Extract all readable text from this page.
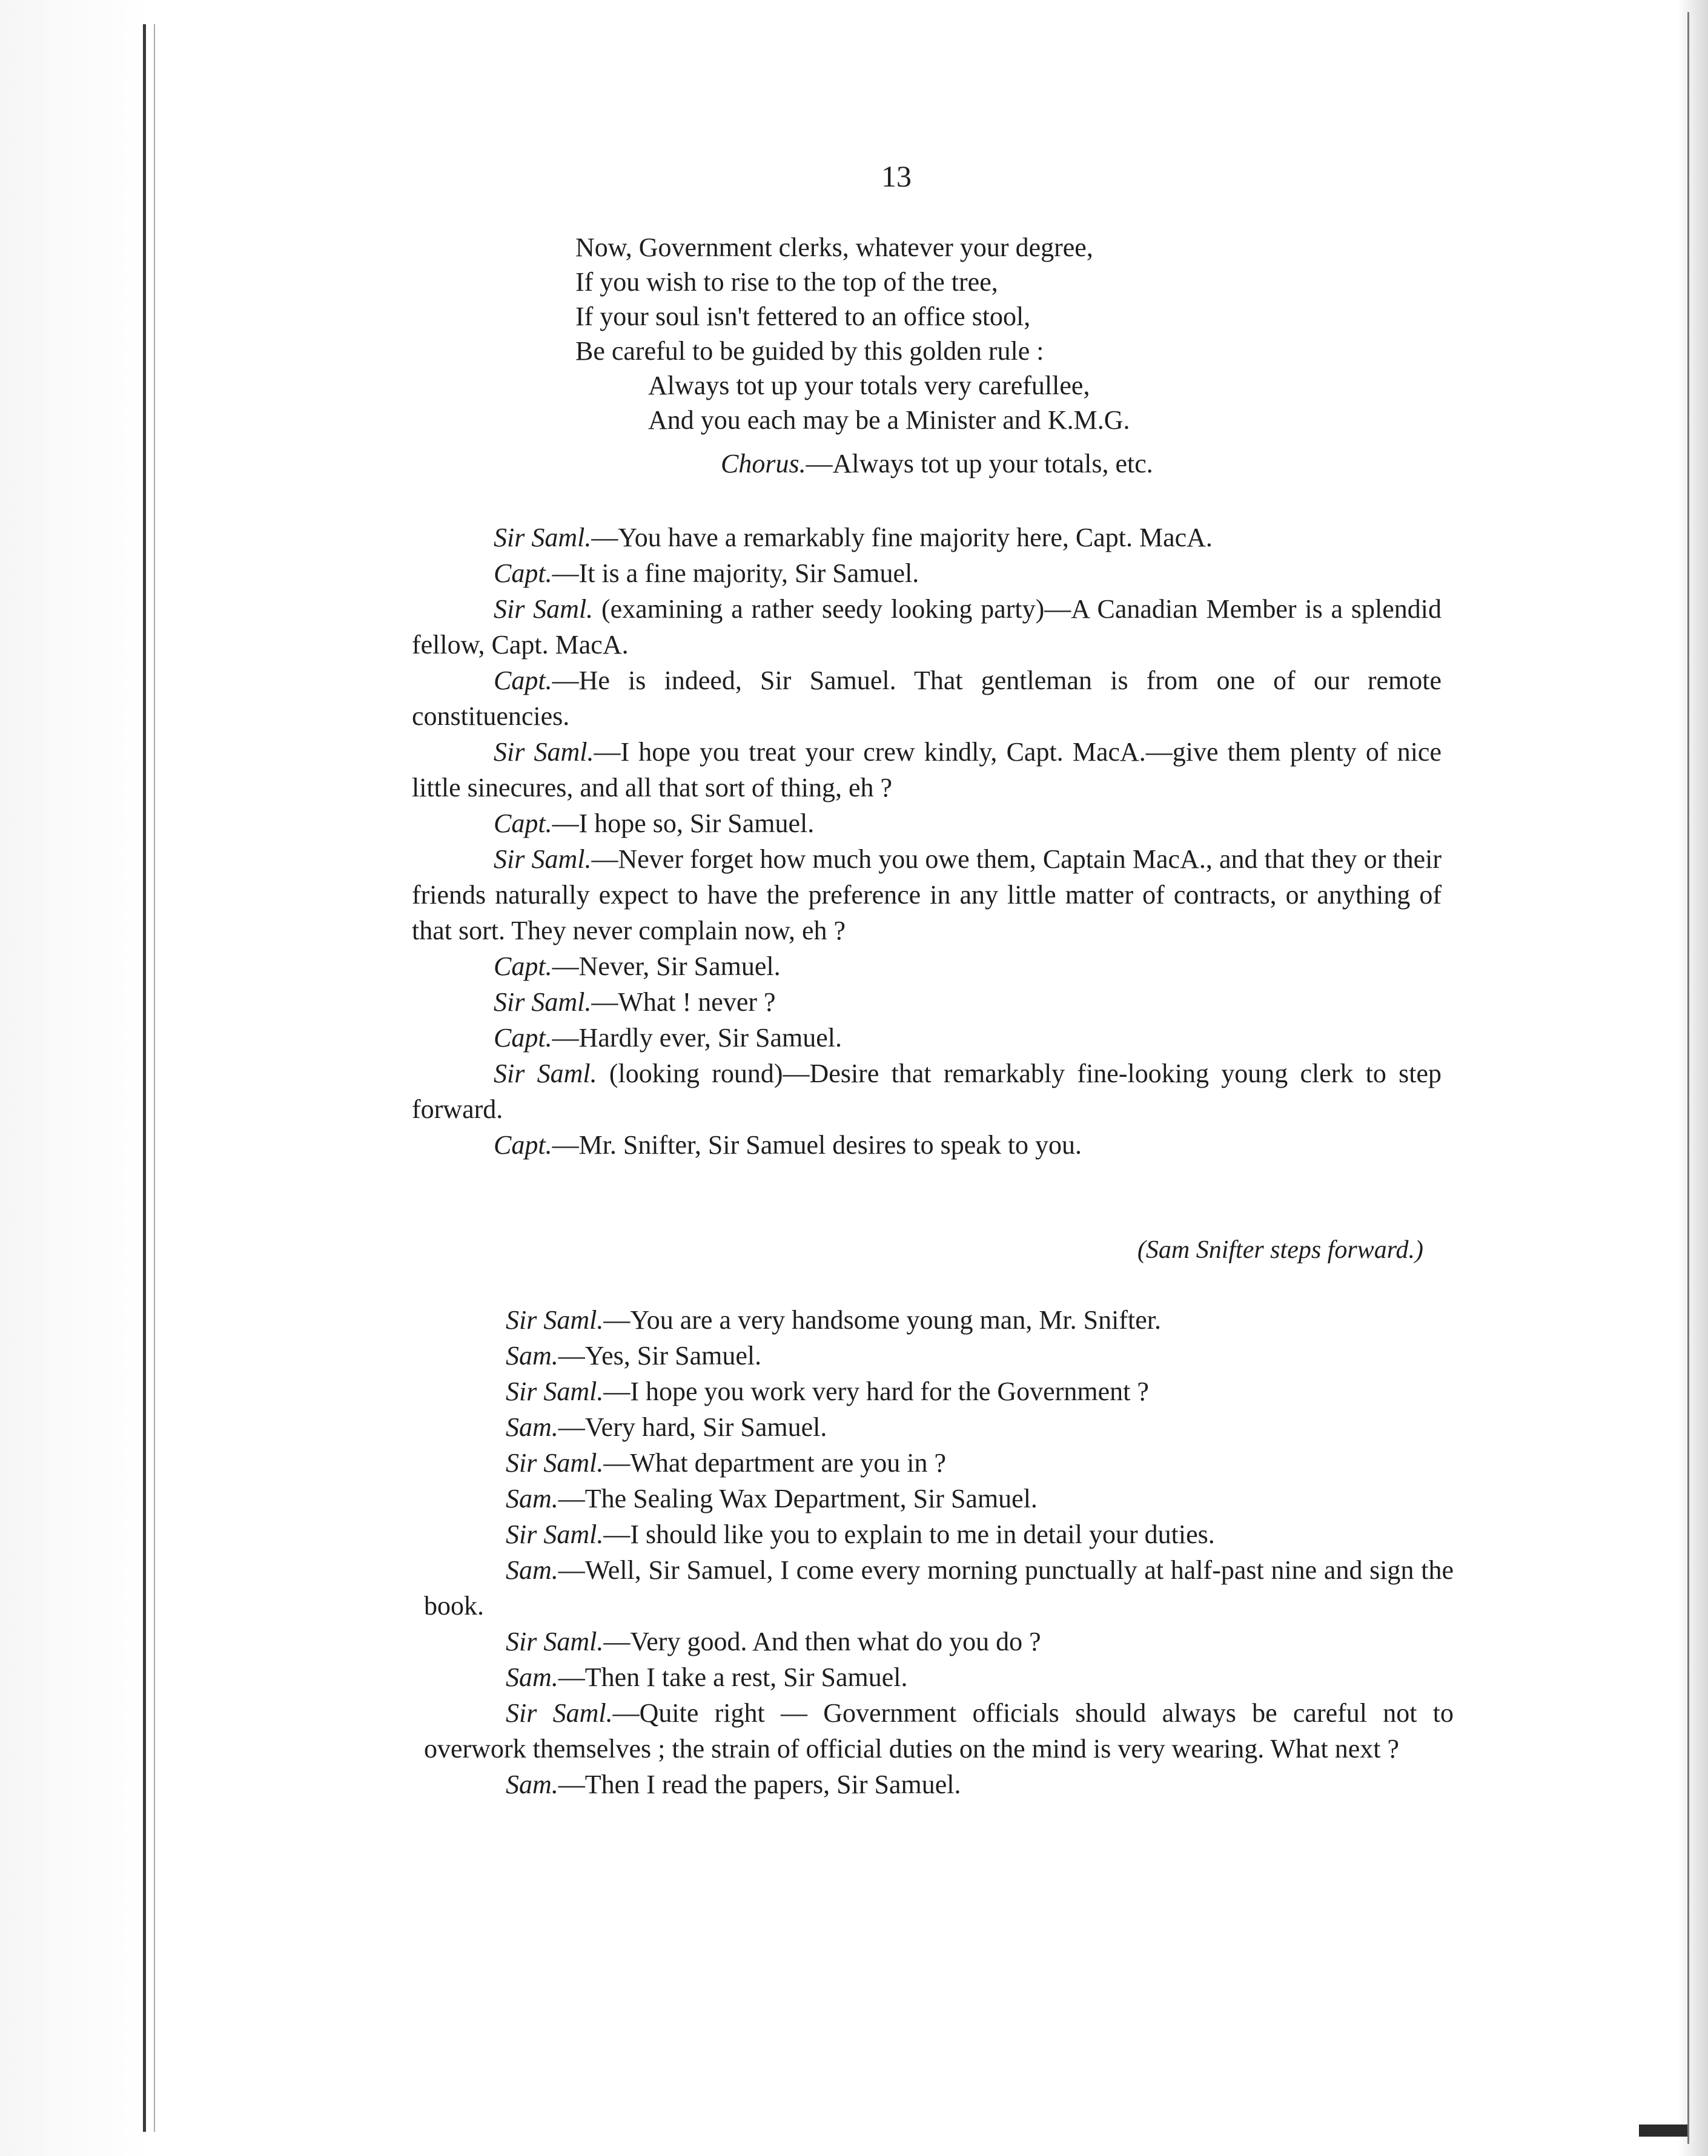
13
Now, Government clerks, whatever your degree,
If you wish to rise to the top of the tree,
If your soul isn't fettered to an office stool,
Be careful to be guided by this golden rule :
Always tot up your totals very carefullee,
And you each may be a Minister and K.M.G.
Chorus.—Always tot up your totals, etc.

Sir Saml.—You have a remarkably fine majority here, Capt. MacA.

Capt.—It is a fine majority, Sir Samuel.

Sir Saml. (examining a rather seedy looking party)—A Canadian Member is a splendid fellow, Capt. MacA.

Capt.—He is indeed, Sir Samuel. That gentleman is from one of our remote constituencies.

Sir Saml.—I hope you treat your crew kindly, Capt. MacA.—give them plenty of nice little sinecures, and all that sort of thing, eh ?

Capt.—I hope so, Sir Samuel.

Sir Saml.—Never forget how much you owe them, Captain MacA., and that they or their friends naturally expect to have the preference in any little matter of contracts, or anything of that sort. They never complain now, eh ?

Capt.—Never, Sir Samuel.

Sir Saml.—What ! never ?

Capt.—Hardly ever, Sir Samuel.

Sir Saml. (looking round)—Desire that remarkably fine-looking young clerk to step forward.

Capt.—Mr. Snifter, Sir Samuel desires to speak to you.

(Sam Snifter steps forward.)

Sir Saml.—You are a very handsome young man, Mr. Snifter.

Sam.—Yes, Sir Samuel.

Sir Saml.—I hope you work very hard for the Government ?

Sam.—Very hard, Sir Samuel.

Sir Saml.—What department are you in ?

Sam.—The Sealing Wax Department, Sir Samuel.

Sir Saml.—I should like you to explain to me in detail your duties.

Sam.—Well, Sir Samuel, I come every morning punctually at half-past nine and sign the book.

Sir Saml.—Very good. And then what do you do ?

Sam.—Then I take a rest, Sir Samuel.

Sir Saml.—Quite right — Government officials should always be careful not to overwork themselves ; the strain of official duties on the mind is very wearing. What next ?

Sam.—Then I read the papers, Sir Samuel.
